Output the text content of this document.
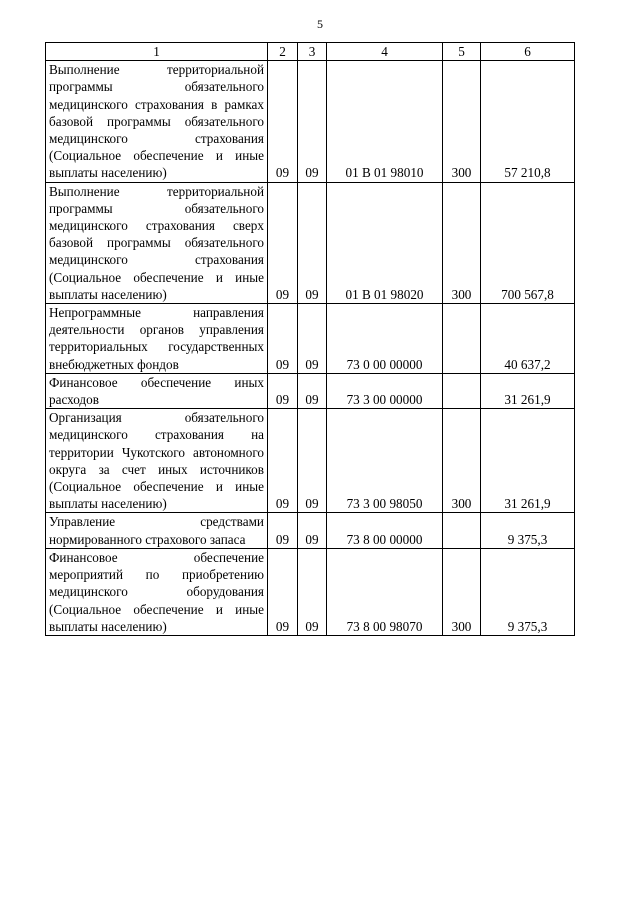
5
1	2	3	4	5	6
Выполнение территориальной программы обязательного медицинского страхования в рамках базовой программы обязательного медицинского страхования (Социальное обеспечение и иные выплаты населению)	09	09	01 В 01 98010	300	57 210,8
Выполнение территориальной программы обязательного медицинского страхования сверх базовой программы обязательного медицинского страхования (Социальное обеспечение и иные выплаты населению)	09	09	01 В 01 98020	300	700 567,8
Непрограммные направления деятельности органов управления территориальных государственных внебюджетных фондов	09	09	73 0 00 00000		40 637,2
Финансовое обеспечение иных расходов	09	09	73 3 00 00000		31 261,9
Организация обязательного медицинского страхования на территории Чукотского автономного округа за счет иных источников (Социальное обеспечение и иные выплаты населению)	09	09	73 3 00 98050	300	31 261,9
Управление средствами нормированного страхового запаса	09	09	73 8 00 00000		9 375,3
Финансовое обеспечение мероприятий по приобретению медицинского оборудования (Социальное обеспечение и иные выплаты населению)	09	09	73 8 00 98070	300	9 375,3
